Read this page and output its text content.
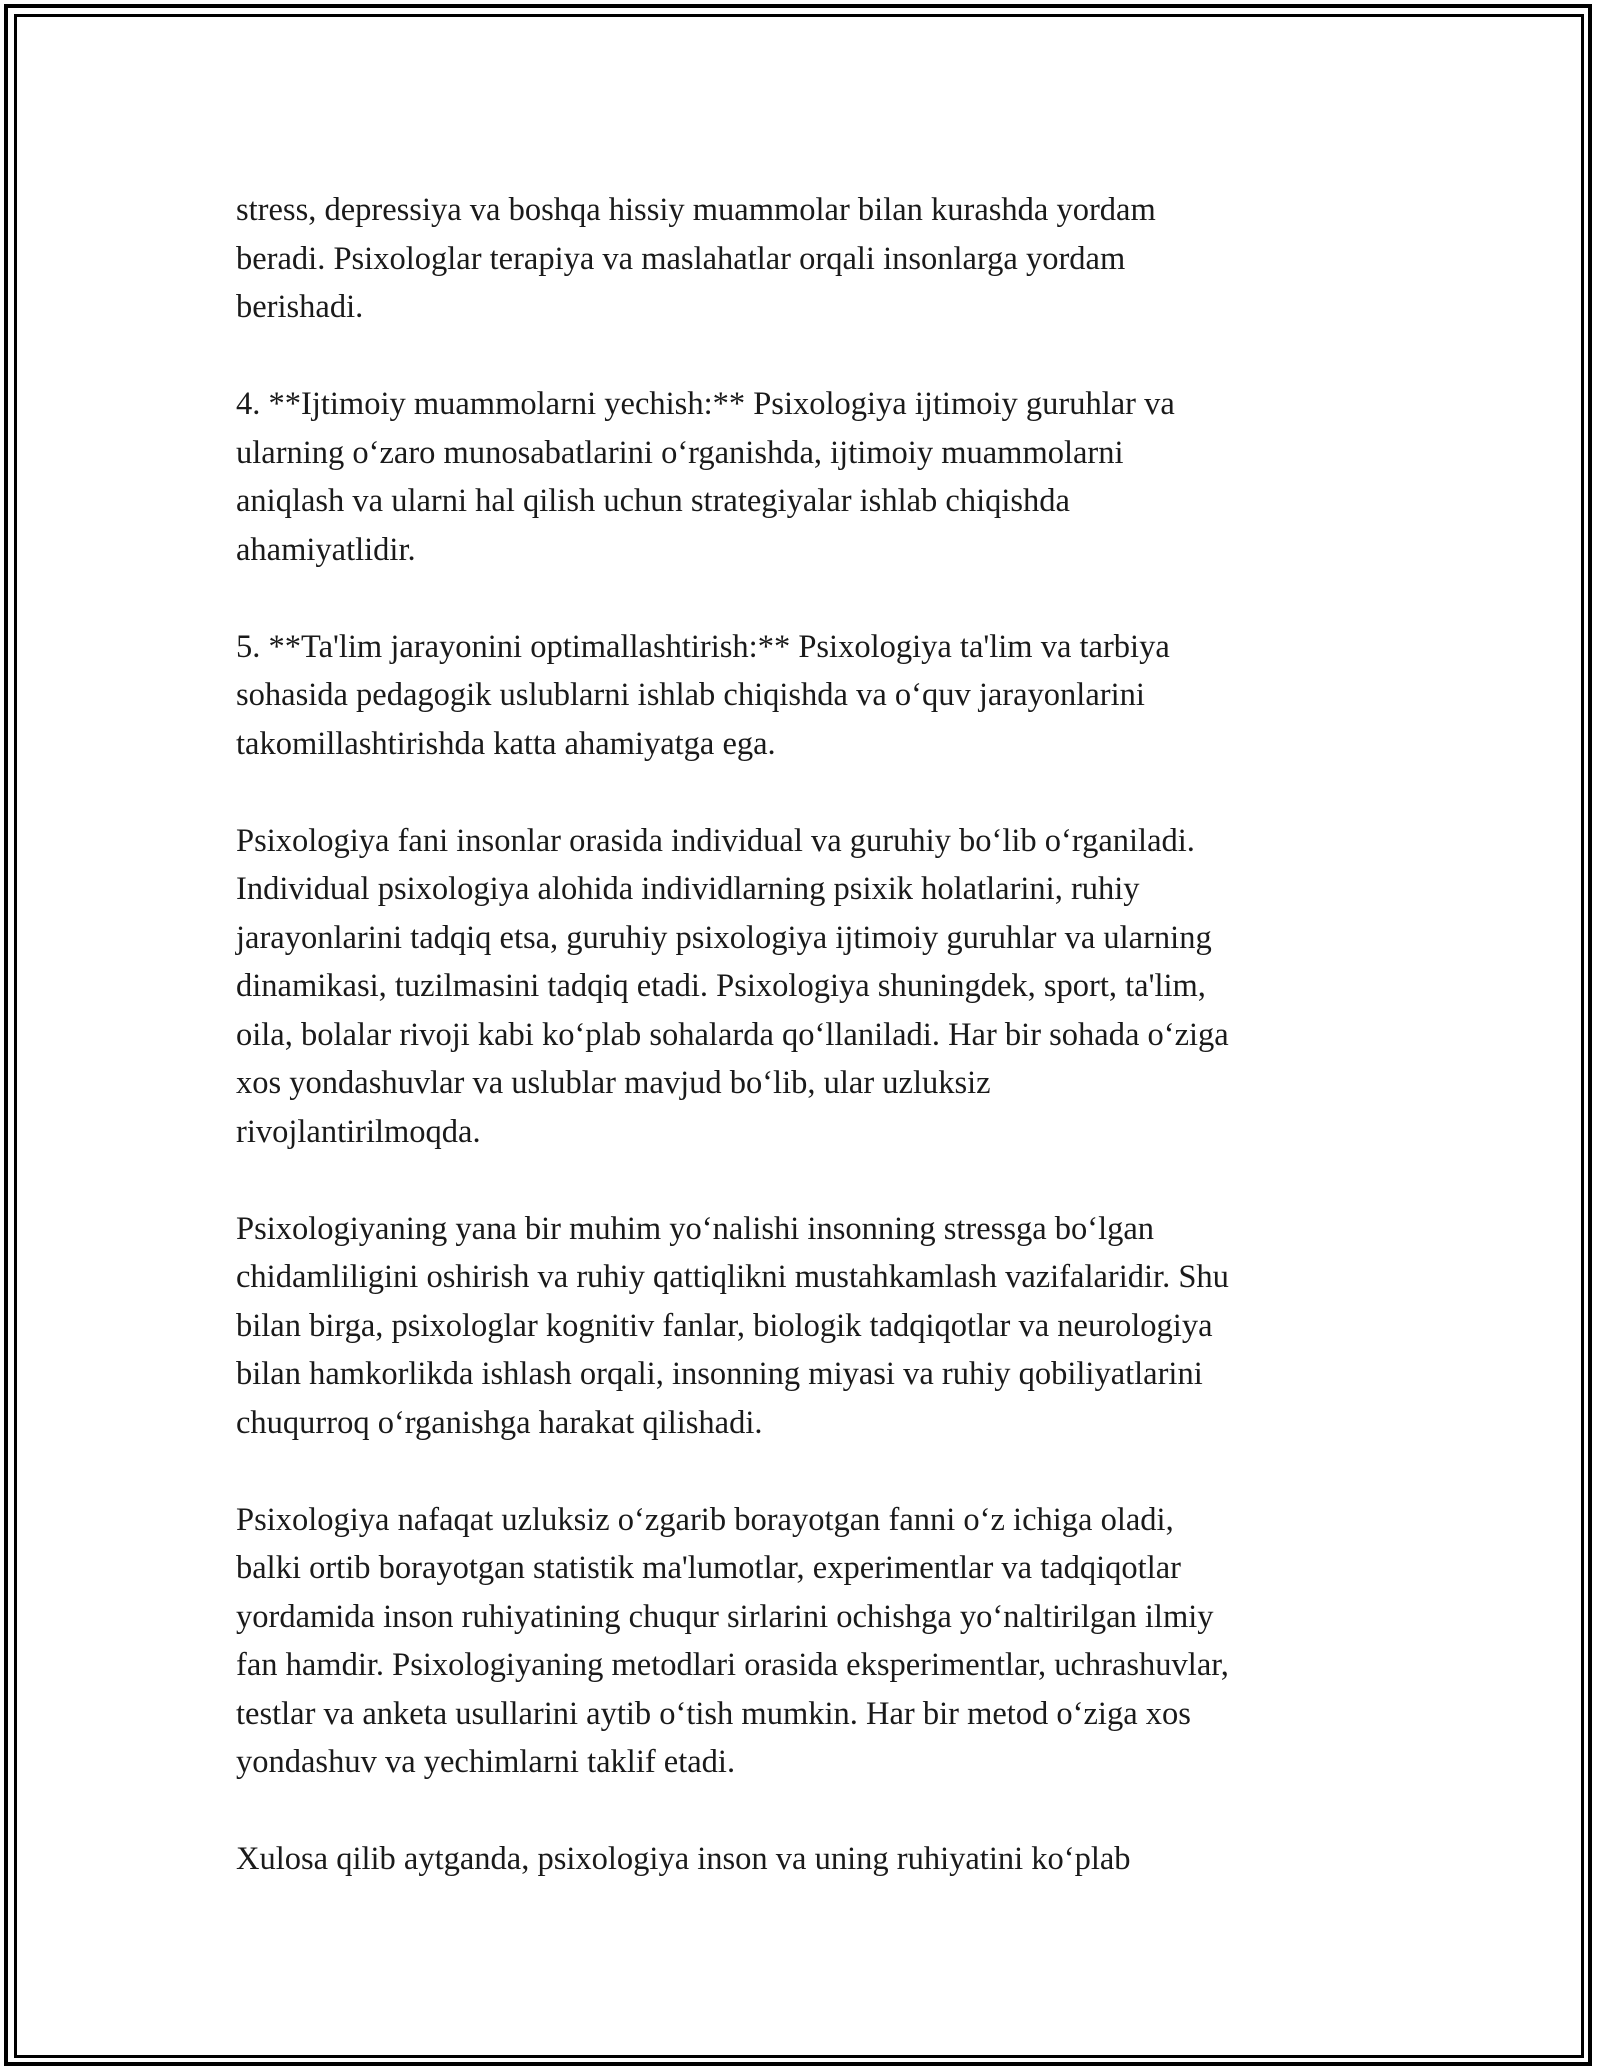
stress, depressiya va boshqa hissiy muammolar bilan kurashda yordam
beradi. Psixologlar terapiya va maslahatlar orqali insonlarga yordam
berishadi.
4. **Ijtimoiy muammolarni yechish:** Psixologiya ijtimoiy guruhlar va
ularning o‘zaro munosabatlarini o‘rganishda, ijtimoiy muammolarni
aniqlash va ularni hal qilish uchun strategiyalar ishlab chiqishda
ahamiyatlidir.
5. **Ta'lim jarayonini optimallashtirish:** Psixologiya ta'lim va tarbiya
sohasida pedagogik uslublarni ishlab chiqishda va o‘quv jarayonlarini
takomillashtirishda katta ahamiyatga ega.
Psixologiya fani insonlar orasida individual va guruhiy bo‘lib o‘rganiladi.
Individual psixologiya alohida individlarning psixik holatlarini, ruhiy
jarayonlarini tadqiq etsa, guruhiy psixologiya ijtimoiy guruhlar va ularning
dinamikasi, tuzilmasini tadqiq etadi. Psixologiya shuningdek, sport, ta'lim,
oila, bolalar rivoji kabi ko‘plab sohalarda qo‘llaniladi. Har bir sohada o‘ziga
xos yondashuvlar va uslublar mavjud bo‘lib, ular uzluksiz
rivojlantirilmoqda.
Psixologiyaning yana bir muhim yo‘nalishi insonning stressga bo‘lgan
chidamliligini oshirish va ruhiy qattiqlikni mustahkamlash vazifalaridir. Shu
bilan birga, psixologlar kognitiv fanlar, biologik tadqiqotlar va neurologiya
bilan hamkorlikda ishlash orqali, insonning miyasi va ruhiy qobiliyatlarini
chuqurroq o‘rganishga harakat qilishadi.
Psixologiya nafaqat uzluksiz o‘zgarib borayotgan fanni o‘z ichiga oladi,
balki ortib borayotgan statistik ma'lumotlar, experimentlar va tadqiqotlar
yordamida inson ruhiyatining chuqur sirlarini ochishga yo‘naltirilgan ilmiy
fan hamdir. Psixologiyaning metodlari orasida eksperimentlar, uchrashuvlar,
testlar va anketa usullarini aytib o‘tish mumkin. Har bir metod o‘ziga xos
yondashuv va yechimlarni taklif etadi.
Xulosa qilib aytganda, psixologiya inson va uning ruhiyatini ko‘plab
